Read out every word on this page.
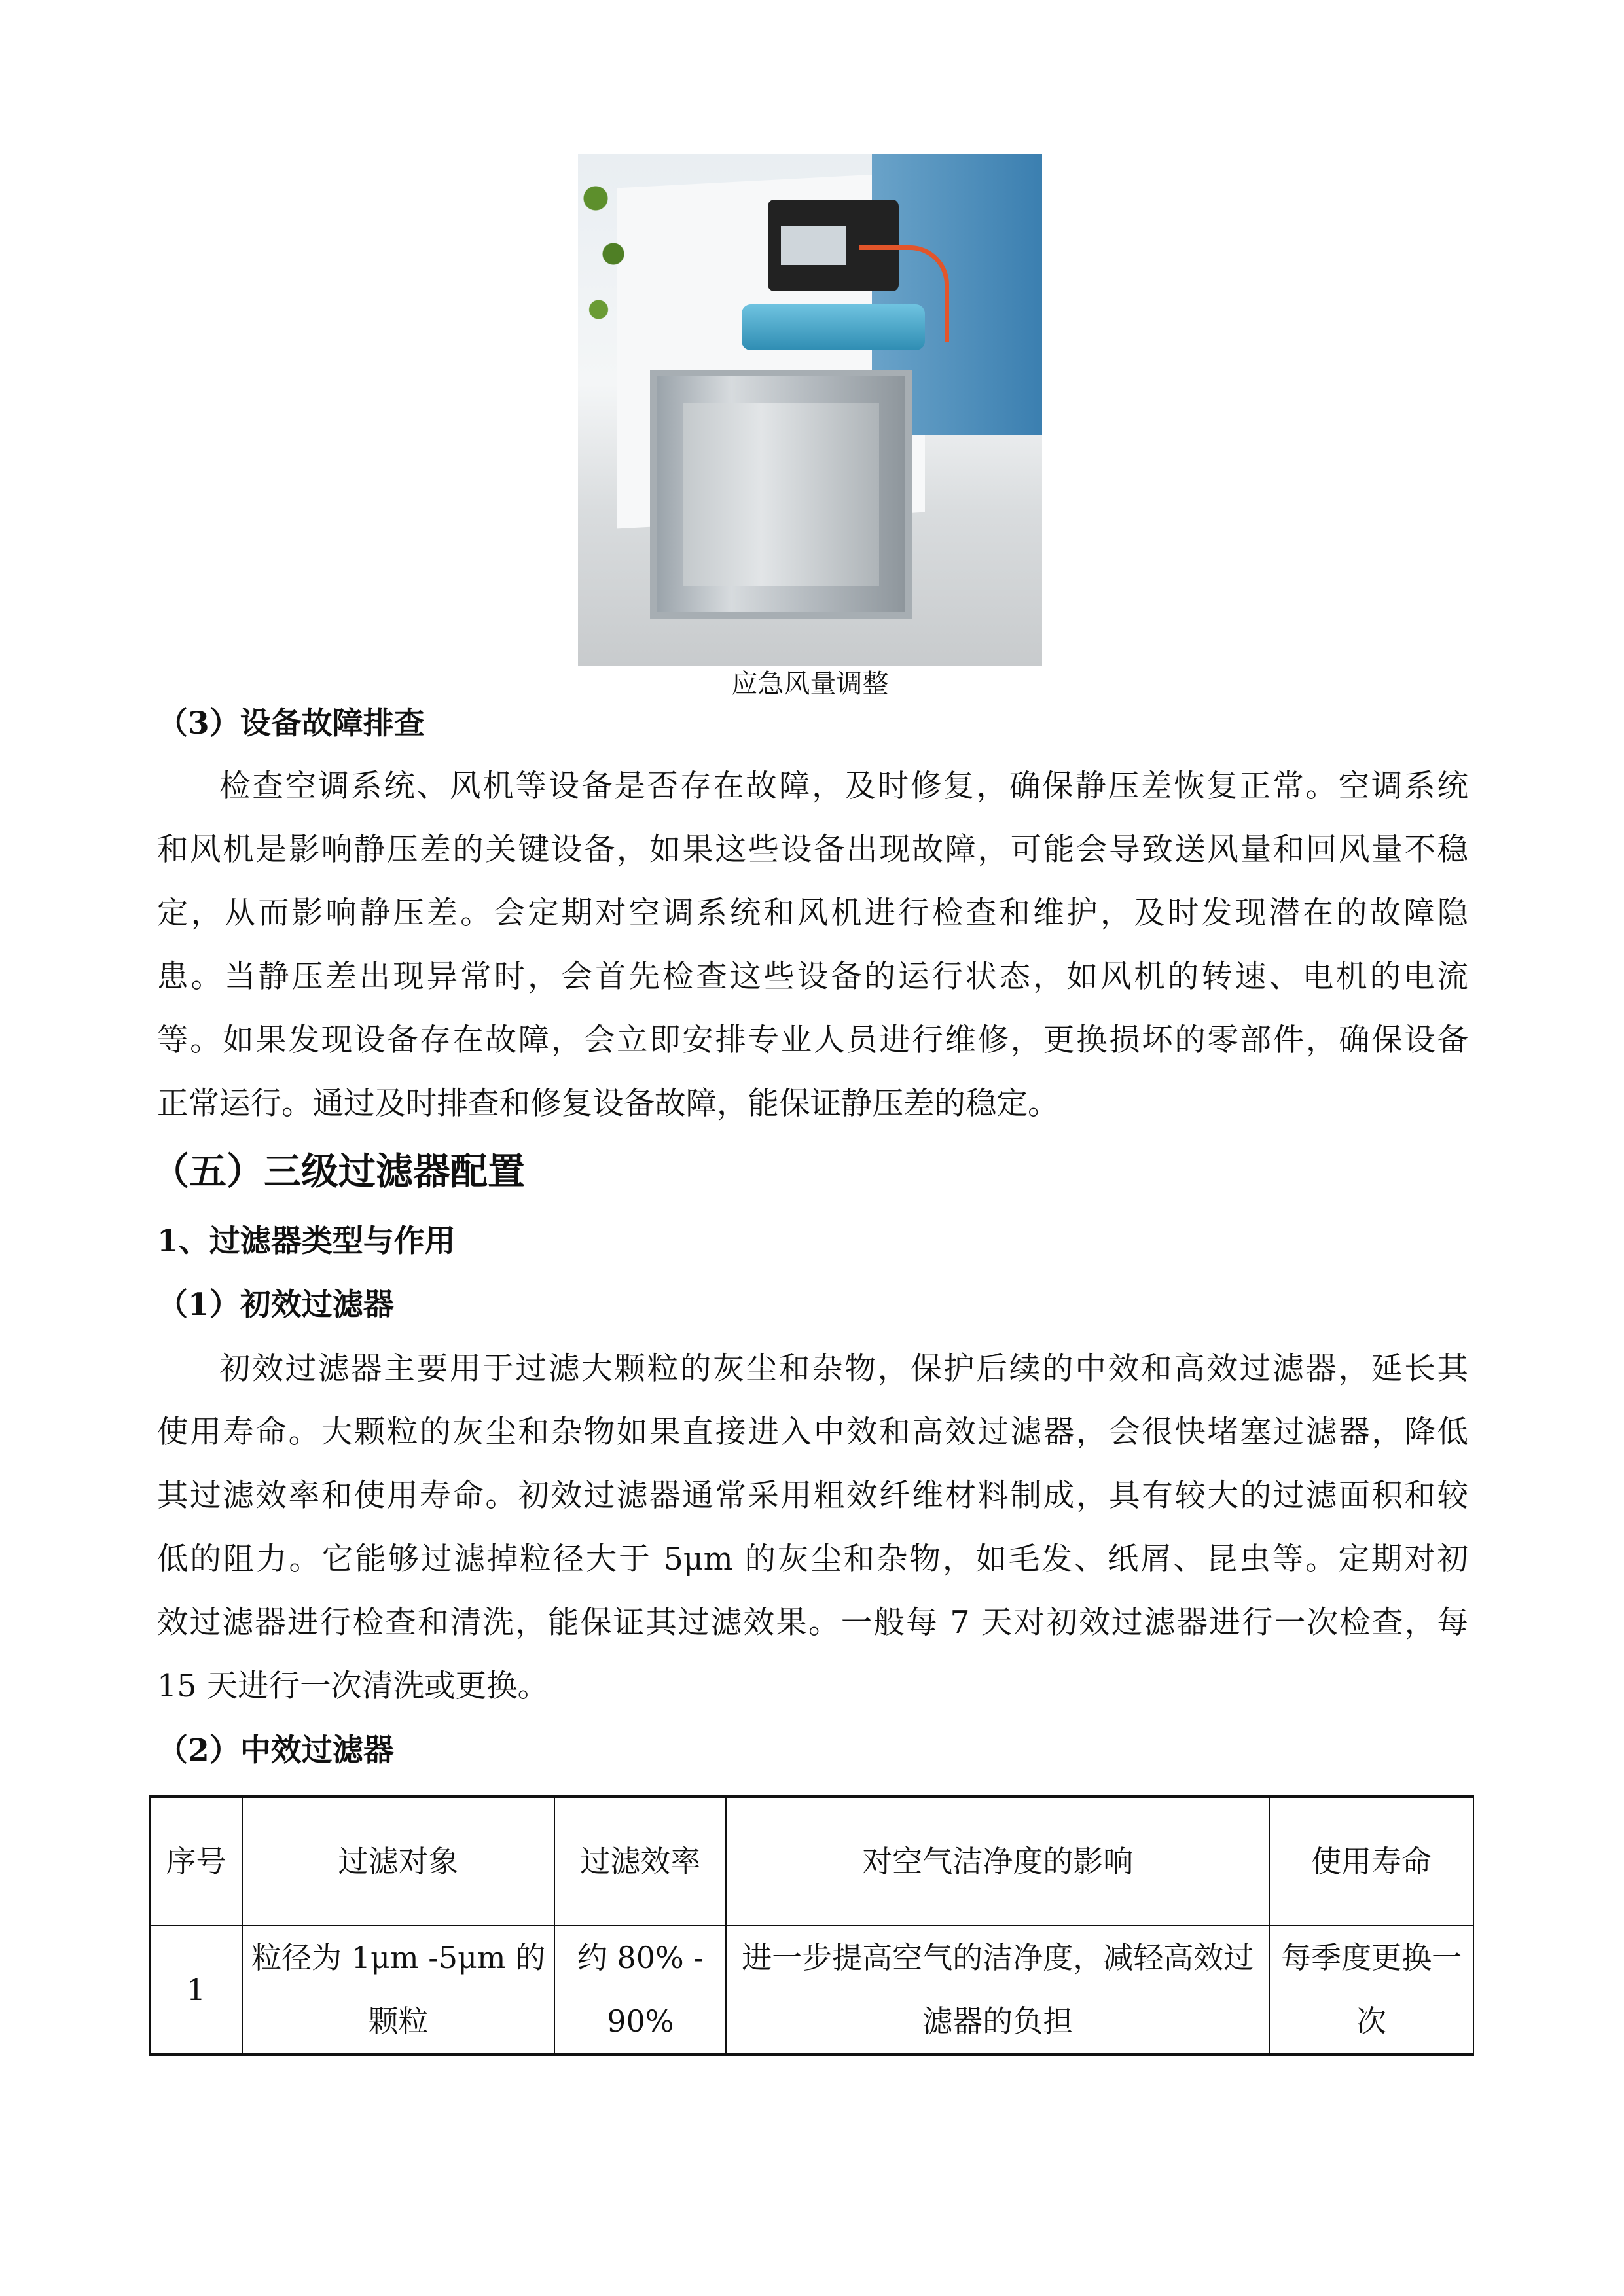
应急风量调整
（3）设备故障排查
检查空调系统、风机等设备是否存在故障，及时修复，确保静压差恢复正常。空调系统
和风机是影响静压差的关键设备，如果这些设备出现故障，可能会导致送风量和回风量不稳
定，从而影响静压差。会定期对空调系统和风机进行检查和维护，及时发现潜在的故障隐
患。当静压差出现异常时，会首先检查这些设备的运行状态，如风机的转速、电机的电流
等。如果发现设备存在故障，会立即安排专业人员进行维修，更换损坏的零部件，确保设备
正常运行。通过及时排查和修复设备故障，能保证静压差的稳定。
（五）三级过滤器配置
1、过滤器类型与作用
（1）初效过滤器
初效过滤器主要用于过滤大颗粒的灰尘和杂物，保护后续的中效和高效过滤器，延长其
使用寿命。大颗粒的灰尘和杂物如果直接进入中效和高效过滤器，会很快堵塞过滤器，降低
其过滤效率和使用寿命。初效过滤器通常采用粗效纤维材料制成，具有较大的过滤面积和较
低的阻力。它能够过滤掉粒径大于 5μm 的灰尘和杂物，如毛发、纸屑、昆虫等。定期对初
效过滤器进行检查和清洗，能保证其过滤效果。一般每 7 天对初效过滤器进行一次检查，每
15 天进行一次清洗或更换。
（2）中效过滤器
序号	过滤对象	过滤效率	对空气洁净度的影响	使用寿命
1	粒径为 1μm -5μm 的颗粒	约 80% - 90%	进一步提高空气的洁净度，减轻高效过滤器的负担	每季度更换一次
